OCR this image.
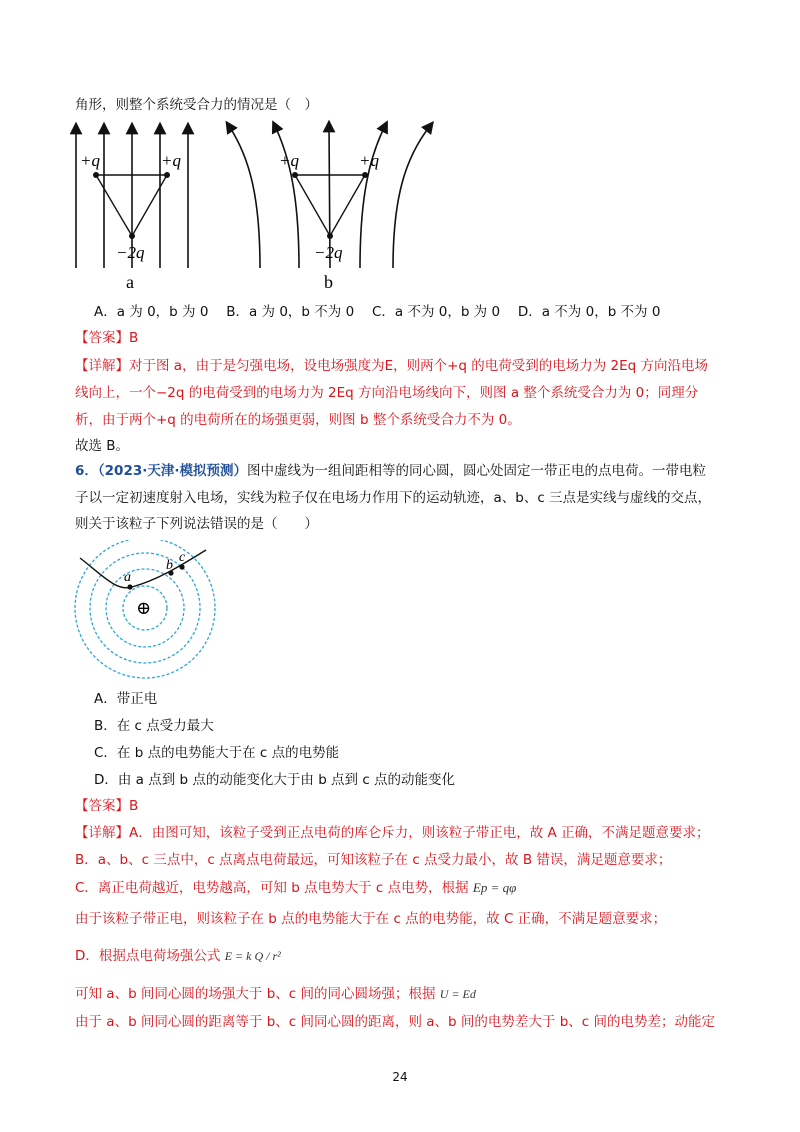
角形，则整个系统受合力的情况是（　）
+q	+q
−2q
a
+q	+q
−2q
b
A．a 为 0，b 为 0　 B．a 为 0，b 不为 0　 C．a 不为 0，b 为 0　 D．a 不为 0，b 不为 0
【答案】B
【详解】对于图 a，由于是匀强电场，设电场强度为E，则两个+q 的电荷受到的电场力为 2Eq 方向沿电场
线向上，一个−2q 的电荷受到的电场力为 2Eq 方向沿电场线向下，则图 a 整个系统受合力为 0；同理分
析，由于两个+q 的电荷所在的场强更弱，则图 b 整个系统受合力不为 0。
故选 B。
6．（2023·天津·模拟预测）图中虚线为一组间距相等的同心圆，圆心处固定一带正电的点电荷。一带电粒
子以一定初速度射入电场，实线为粒子仅在电场力作用下的运动轨迹，a、b、c 三点是实线与虚线的交点，
则关于该粒子下列说法错误的是（　　）
a
b
c
⊕
A．带正电
B．在 c 点受力最大
C．在 b 点的电势能大于在 c 点的电势能
D．由 a 点到 b 点的动能变化大于由 b 点到 c 点的动能变化
【答案】B
【详解】A．由图可知，该粒子受到正点电荷的库仑斥力，则该粒子带正电，故 A 正确，不满足题意要求；
B．a、b、c 三点中，c 点离点电荷最远，可知该粒子在 c 点受力最小，故 B 错误，满足题意要求；
C．离正电荷越近，电势越高，可知 b 点电势大于 c 点电势，根据 Ep = qφ
由于该粒子带正电，则该粒子在 b 点的电势能大于在 c 点的电势能，故 C 正确，不满足题意要求；
D．根据点电荷场强公式 E = k Q / r²
可知 a、b 间同心圆的场强大于 b、c 间的同心圆场强；根据 U = Ed
由于 a、b 间同心圆的距离等于 b、c 间同心圆的距离，则 a、b 间的电势差大于 b、c 间的电势差；动能定
24
